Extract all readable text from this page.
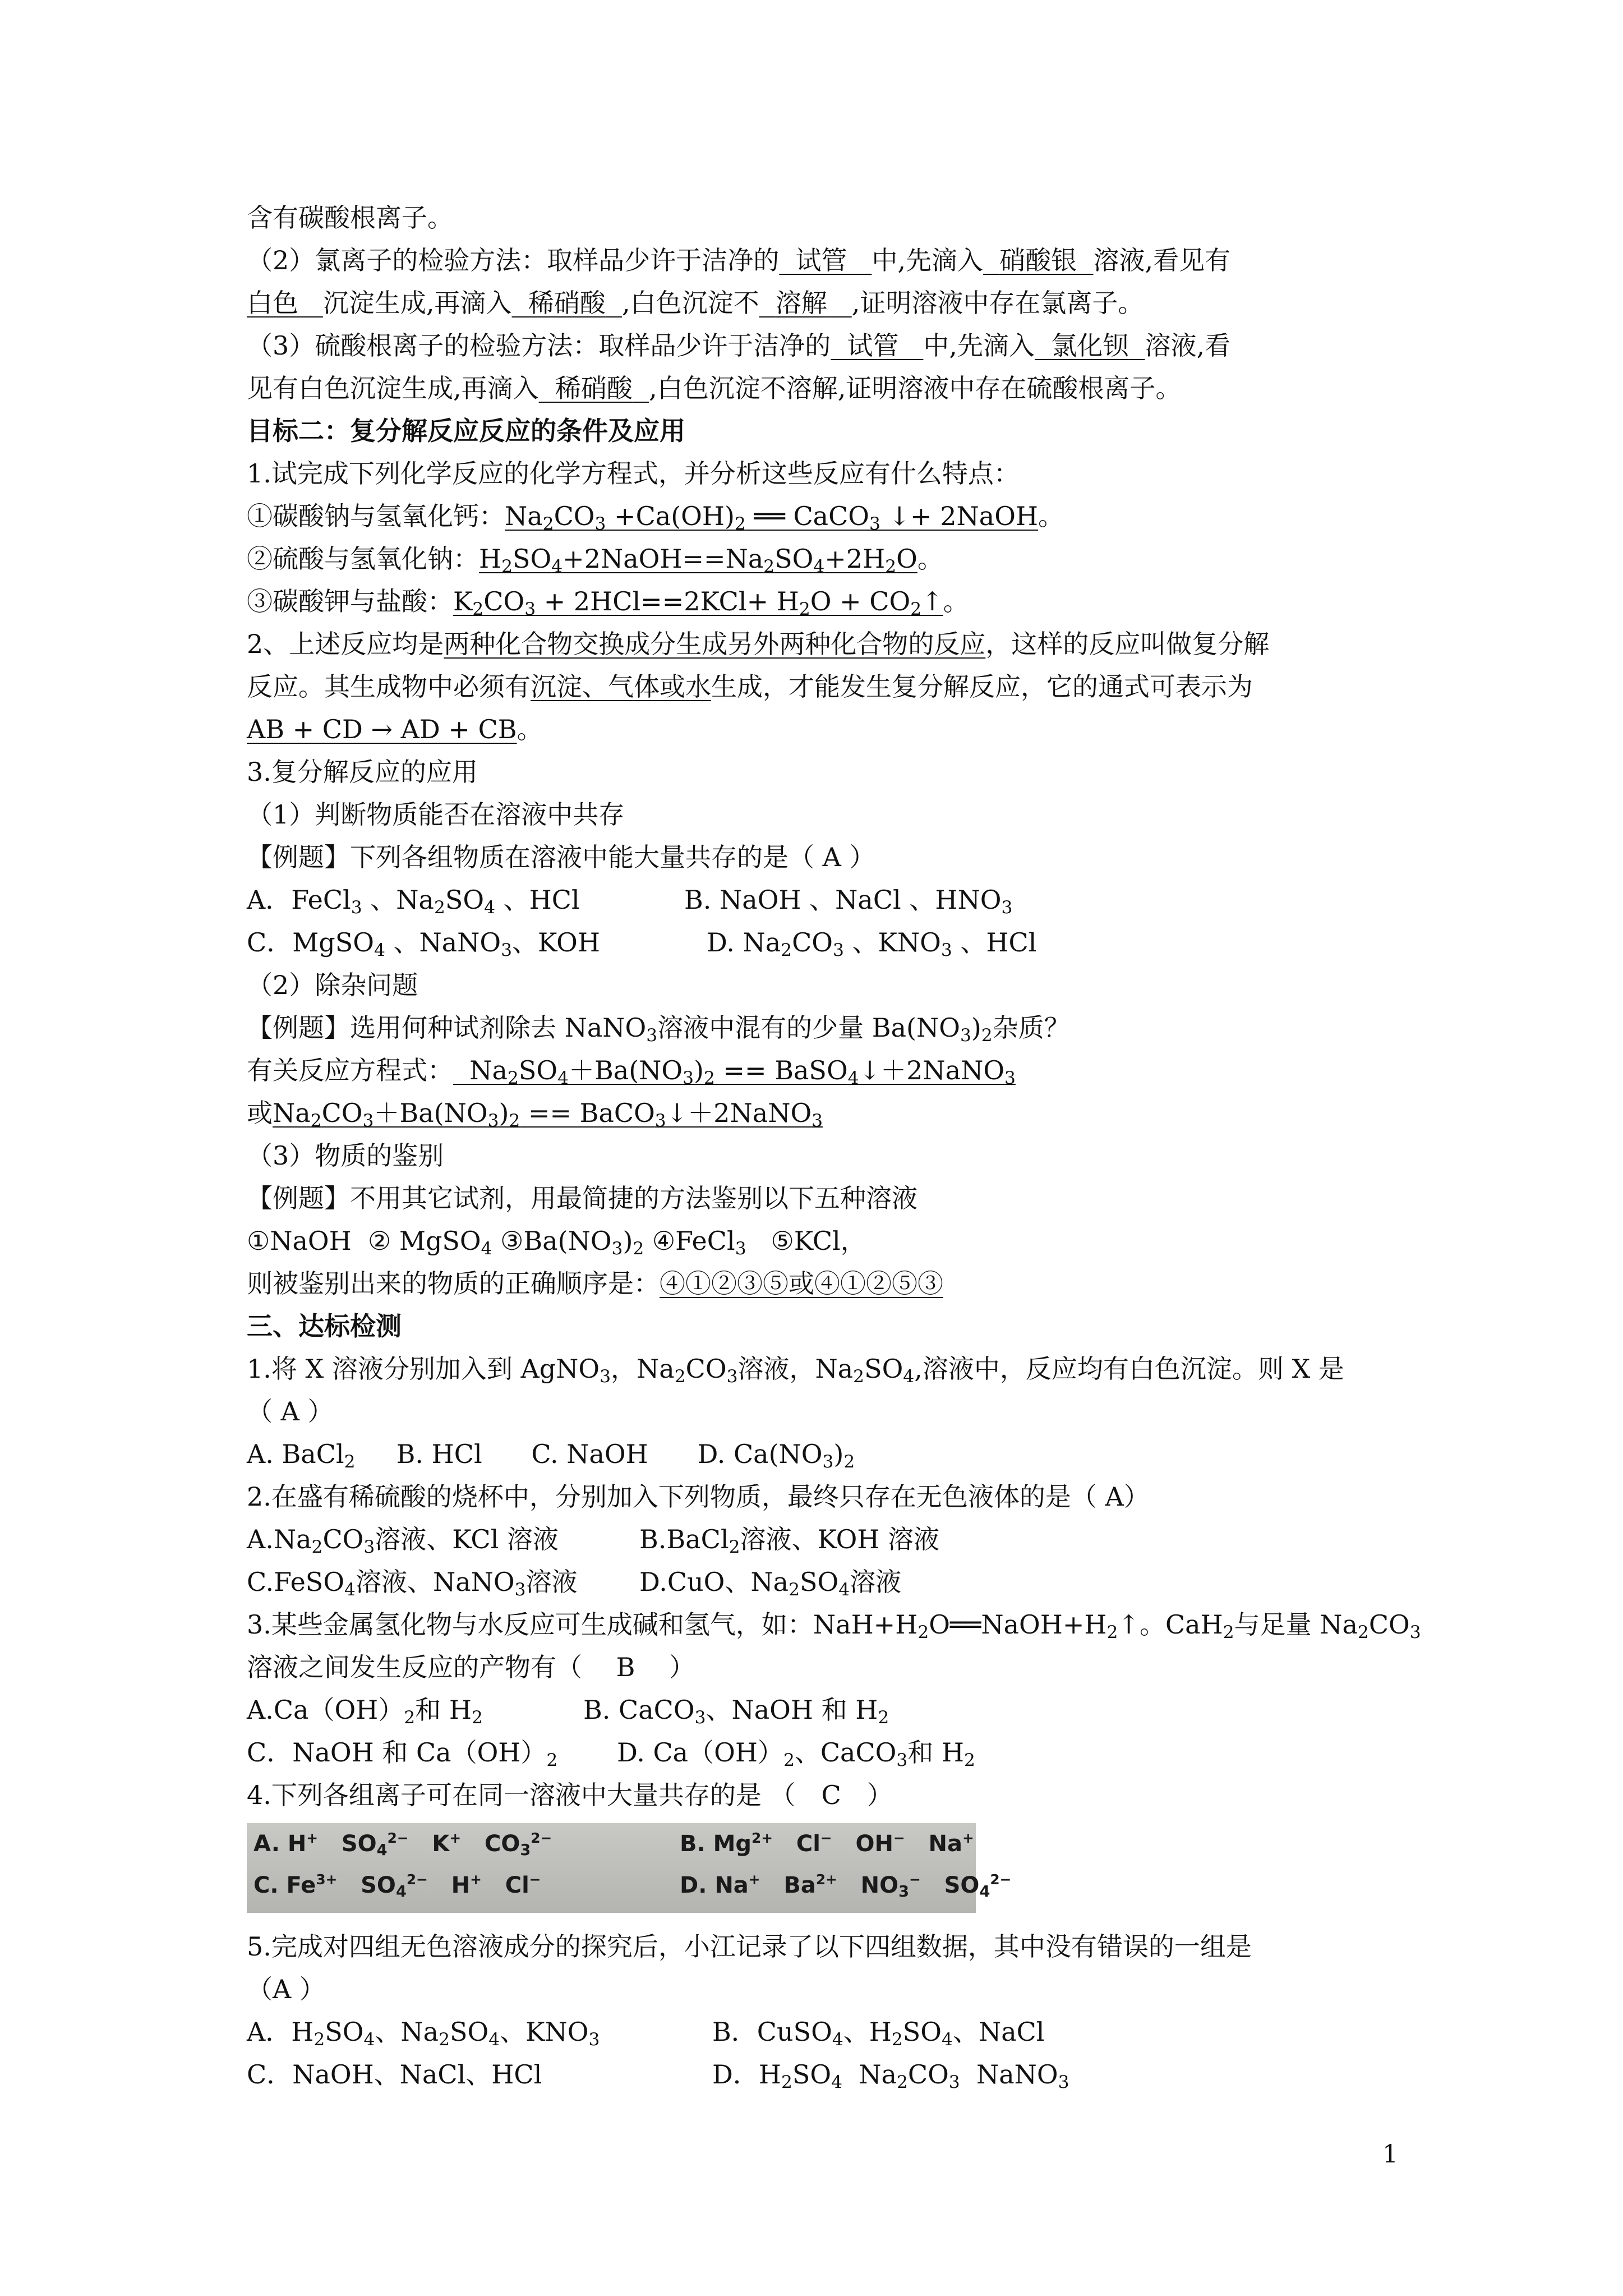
含有碳酸根离子。
（2）氯离子的检验方法：取样品少许于洁净的 试管 中,先滴入 硝酸银 溶液,看见有
白色 沉淀生成,再滴入 稀硝酸 ,白色沉淀不 溶解 ,证明溶液中存在氯离子。
（3）硫酸根离子的检验方法：取样品少许于洁净的 试管 中,先滴入 氯化钡 溶液,看
见有白色沉淀生成,再滴入 稀硝酸 ,白色沉淀不溶解,证明溶液中存在硫酸根离子。
目标二：复分解反应反应的条件及应用
1.试完成下列化学反应的化学方程式，并分析这些反应有什么特点：
①碳酸钠与氢氧化钙：$Na_2CO_3 +Ca(OH)_2$ ══ CaCO$_3$ ↓+ 2NaOH。
②硫酸与氢氧化钠：$H_2SO_4+2NaOH==Na_2SO_4+2H_2O$。
③碳酸钾与盐酸：$K_2CO_3 + 2HCl==2KCl+ H_2O$ + $CO_2↑$。
2、上述反应均是两种化合物交换成分生成另外两种化合物的反应，这样的反应叫做复分解
反应。其生成物中必须有沉淀、气体或水生成，才能发生复分解反应，它的通式可表示为
AB + CD → AD + CB。
3.复分解反应的应用
（1）判断物质能否在溶液中共存
【例题】下列各组物质在溶液中能大量共存的是（ A ）
A．FeCl$_3$ 、$Na_2SO_4$ 、HCl	B. NaOH 、NaCl 、$HNO_3$
C．MgSO$_4$ 、NaNO$_3$、KOH	D. $Na_2CO_3$ 、$KNO_3$ 、HCl
（2）除杂问题
【例题】选用何种试剂除去 NaNO$_3$溶液中混有的少量 $Ba(NO_3)_2$杂质？
有关反应方程式：  $Na_2SO_4+Ba(NO_3)_2$ == BaSO$_4$↓＋2NaNO$_3$
或$Na_2CO_3+Ba(NO_3)_2$ == BaCO$_3$↓＋2NaNO$_3$
（3）物质的鉴别
【例题】不用其它试剂，用最简捷的方法鉴别以下五种溶液
①NaOH  ② MgSO$_4$ $③Ba(NO_3)_2$ ④FeCl$_3$   ⑤KCl，
则被鉴别出来的物质的正确顺序是：④①②③⑤或④①②⑤③
三、达标检测
1.将 X 溶液分别加入到 AgNO$_3$，$Na_2CO_3$溶液，$Na_2SO_4$,溶液中，反应均有白色沉淀。则 X 是
（ A ）
A. BaCl$_2$     B. HCl      C. NaOH      D. $Ca(NO_3)_2$
2.在盛有稀硫酸的烧杯中，分别加入下列物质，最终只存在无色液体的是（ A）
$A.Na_2CO_3$溶液、KCl 溶液	B.BaCl$_2$溶液、KOH 溶液
C.FeSO$_4$溶液、NaNO$_3$溶液 D.CuO、$Na_2SO_4$溶液
3.某些金属氢化物与水反应可生成碱和氢气，如：$NaH+H_2O══NaOH+H_2↑$。CaH$_2$与足量 $Na_2CO_3$
溶液之间发生反应的产物有（　 B　 ）
$A.Ca(OH)_2$和 $H_2$	B. CaCO$_3$、NaOH 和 $H_2$
C．NaOH 和 $Ca(OH)_2$ D. $Ca(OH)_2$、CaCO$_3$和 $H_2$
4.下列各组离子可在同一溶液中大量共存的是 （　C　）
A. H+   $SO_4^{2-}$   K+   $CO_3^{2-}$	B. $Mg^{2+}$   Cl−   OH−   Na+
C. $Fe^{3+}$   $SO_4^{2-}$   H+   Cl−	D. Na+   $Ba^{2+}$   $NO_3^-$   $SO_4^{2-}$
5.完成对四组无色溶液成分的探究后，小江记录了以下四组数据，其中没有错误的一组是
（A ）
A．$H_2SO_4$、$Na_2SO_4$、$KNO_3$	B．CuSO$_4$、$H_2SO_4$、NaCl
C．NaOH、NaCl、HCl	D．$H_2SO_4$  $Na_2CO_3$  NaNO$_3$
1
